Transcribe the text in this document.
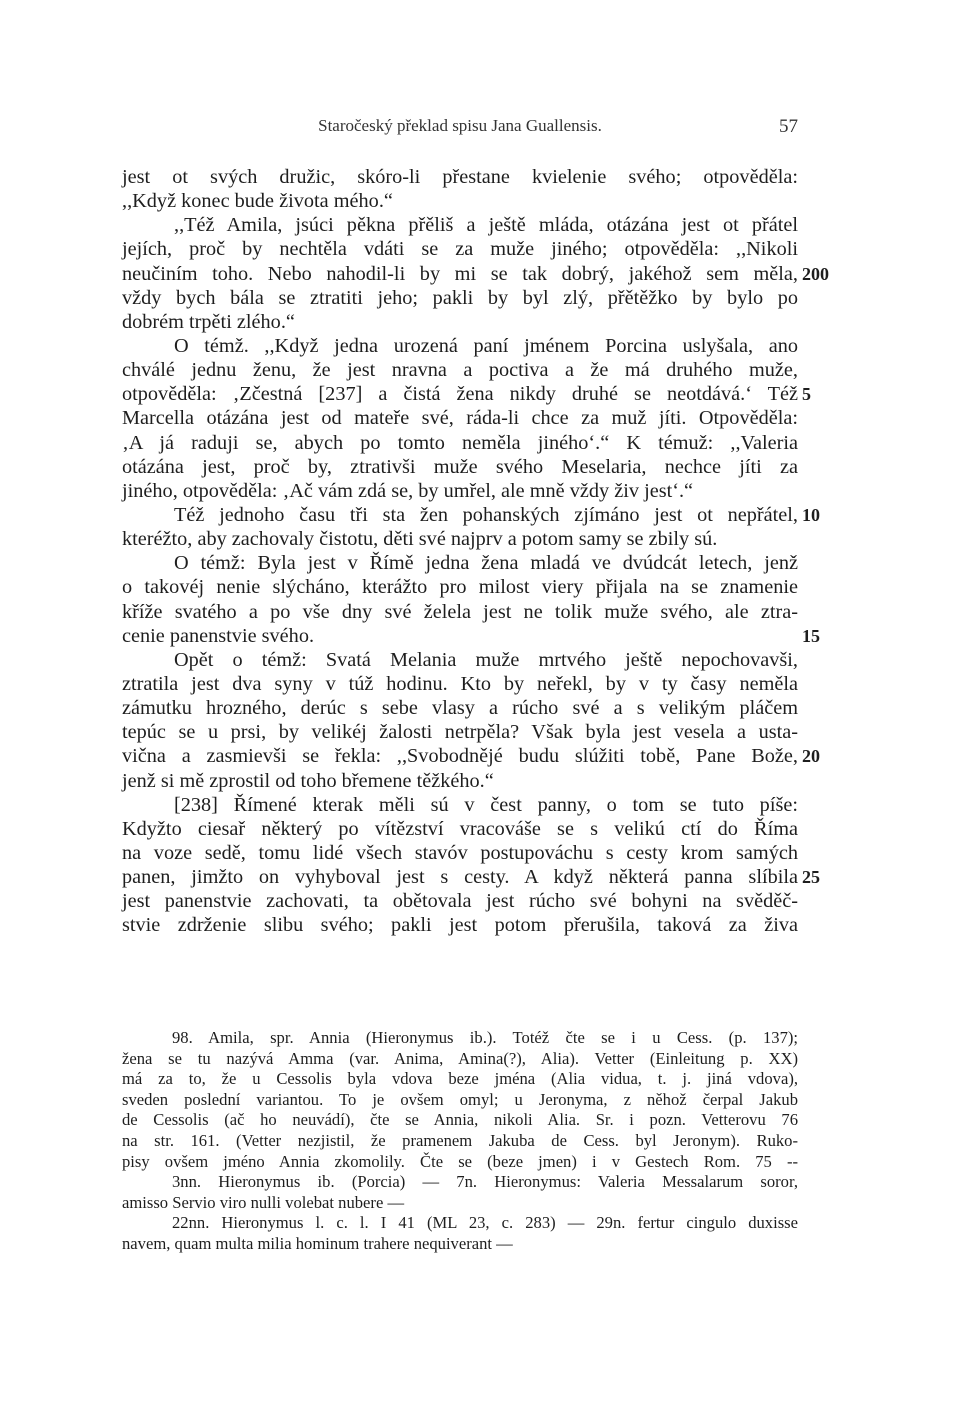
Staročeský překlad spisu Jana Guallensis.	57
jest ot svých družic, skóro-li přestane kvielenie svého; otpověděla:
,,Když konec bude života mého.“
,,Též Amila, jsúci pěkna přěliš a ještě mláda, otázána jest ot přátel
jejích, proč by nechtěla vdáti se za muže jiného; otpověděla: ,,Nikoli
neučiním toho. Nebo nahodil-li by mi se tak dobrý, jakéhož sem měla, 200
vždy bych bála se ztratiti jeho; pakli by byl zlý, přětěžko by bylo po
dobrém trpěti zlého.“
O témž. ,,Když jedna urozená paní jménem Porcina uslyšala, ano
chválé jednu ženu, že jest nravna a poctiva a že má druhého muže,
otpověděla: ‚Zčestná [237] a čistá žena nikdy druhé se neotdává.‘ Též 5
Marcella otázána jest od mateře své, ráda-li chce za muž jíti. Otpověděla:
‚A já raduji se, abych po tomto neměla jiného‘.“ K témuž: ,,Valeria
otázána jest, proč by, ztrativši muže svého Meselaria, nechce jíti za
jiného, otpověděla: ‚Ač vám zdá se, by umřel, ale mně vždy živ jest‘.“
Též jednoho času tři sta žen pohanských zjímáno jest ot nepřátel, 10
kteréžto, aby zachovaly čistotu, děti své najprv a potom samy se zbily sú.
O témž: Byla jest v Římě jedna žena mladá ve dvúdcát letech, jenž
o takovéj nenie slýcháno, kterážto pro milost viery přijala na se znamenie
kříže svatého a po vše dny své želela jest ne tolik muže svého, ale ztra-
cenie panenstvie svého.	15
Opět o témž: Svatá Melania muže mrtvého ještě nepochovavši,
ztratila jest dva syny v túž hodinu. Kto by neřekl, by v ty časy neměla
zámutku hrozného, derúc s sebe vlasy a rúcho své a s velikým pláčem
tepúc se u prsi, by velikéj žalosti netrpěla? Však byla jest vesela a usta-
vična a zasmievši se řekla: ,,Svobodnějé budu slúžiti tobě, Pane Bože, 20
jenž si mě zprostil od toho břemene těžkého.“
[238] Římené kterak měli sú v čest panny, o tom se tuto píše:
Kdyžto ciesař některý po vítězství vracováše se s velikú ctí do Říma
na voze sedě, tomu lidé všech stavóv postupováchu s cesty krom samých
panen, jimžto on vyhyboval jest s cesty. A když některá panna slíbila 25
jest panenstvie zachovati, ta obětovala jest rúcho své bohyni na svěděč-
stvie zdrženie slibu svého; pakli jest potom přerušila, taková za živa
98. Amila, spr. Annia (Hieronymus ib.). Totéž čte se i u Cess. (p. 137);
žena se tu nazývá Amma (var. Anima, Amina(?), Alia). Vetter (Einleitung p. XX)
má za to, že u Cessolis byla vdova beze jména (Alia vidua, t. j. jiná vdova),
sveden poslední variantou. To je ovšem omyl; u Jeronyma, z něhož čerpal Jakub
de Cessolis (ač ho neuvádí), čte se Annia, nikoli Alia. Sr. i pozn. Vetterovu 76
na str. 161. (Vetter nezjistil, že pramenem Jakuba de Cess. byl Jeronym). Ruko-
pisy ovšem jméno Annia zkomolily. Čte se (beze jmen) i v Gestech Rom. 75 --
3nn. Hieronymus ib. (Porcia) — 7n. Hieronymus: Valeria Messalarum soror,
amisso Servio viro nulli volebat nubere —
22nn. Hieronymus l. c. l. I 41 (ML 23, c. 283) — 29n. fertur cingulo duxisse
navem, quam multa milia hominum trahere nequiverant —
